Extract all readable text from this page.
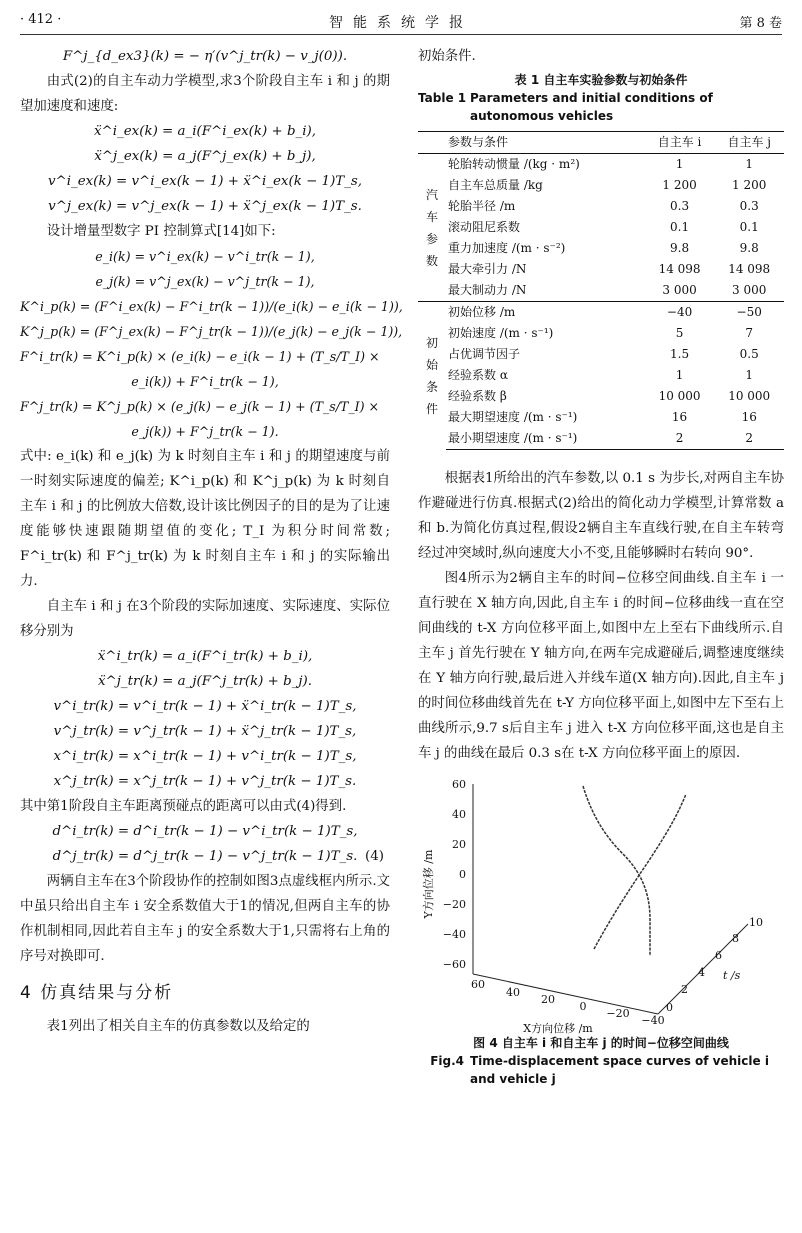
· 412 ·	智能系统学报	第 8 卷
F^j_{d_ex3}(k) = − η′(v^j_tr(k) − v_j(0)).

由式(2)的自主车动力学模型,求3个阶段自主车 i 和 j 的期望加速度和速度:

ẍ^i_ex(k) = a_i(F^i_ex(k) + b_i),
ẍ^j_ex(k) = a_j(F^j_ex(k) + b_j),
v^i_ex(k) = v^i_ex(k − 1) + ẍ^i_ex(k − 1)T_s,
v^j_ex(k) = v^j_ex(k − 1) + ẍ^j_ex(k − 1)T_s.

设计增量型数字 PI 控制算式[14]如下:

e_i(k) = v^i_ex(k) − v^i_tr(k − 1),
e_j(k) = v^j_ex(k) − v^j_tr(k − 1),
K^i_p(k) = (F^i_ex(k) − F^i_tr(k − 1))/(e_i(k) − e_i(k − 1)),
K^j_p(k) = (F^j_ex(k) − F^j_tr(k − 1))/(e_j(k) − e_j(k − 1)),
F^i_tr(k) = K^i_p(k) × (e_i(k) − e_i(k − 1) + (T_s/T_I) ×
e_i(k)) + F^i_tr(k − 1),
F^j_tr(k) = K^j_p(k) × (e_j(k) − e_j(k − 1) + (T_s/T_I) ×
e_j(k)) + F^j_tr(k − 1).

式中: e_i(k) 和 e_j(k) 为 k 时刻自主车 i 和 j 的期望速度与前一时刻实际速度的偏差; K^i_p(k) 和 K^j_p(k) 为 k 时刻自主车 i 和 j 的比例放大倍数,设计该比例因子的目的是为了让速度能够快速跟随期望值的变化; T_I 为积分时间常数; F^i_tr(k) 和 F^j_tr(k) 为 k 时刻自主车 i 和 j 的实际输出力.

自主车 i 和 j 在3个阶段的实际加速度、实际速度、实际位移分别为

ẍ^i_tr(k) = a_i(F^i_tr(k) + b_i),
ẍ^j_tr(k) = a_j(F^j_tr(k) + b_j).
v^i_tr(k) = v^i_tr(k − 1) + ẍ^i_tr(k − 1)T_s,
v^j_tr(k) = v^j_tr(k − 1) + ẍ^j_tr(k − 1)T_s,
x^i_tr(k) = x^i_tr(k − 1) + v^i_tr(k − 1)T_s,
x^j_tr(k) = x^j_tr(k − 1) + v^j_tr(k − 1)T_s.

其中第1阶段自主车距离预碰点的距离可以由式(4)得到.

d^i_tr(k) = d^i_tr(k − 1) − v^i_tr(k − 1)T_s,
d^j_tr(k) = d^j_tr(k − 1) − v^j_tr(k − 1)T_s. (4)

两辆自主车在3个阶段协作的控制如图3点虚线框内所示.文中虽只给出自主车 i 安全系数值大于1的情况,但两自主车的协作机制相同,因此若自主车 j 的安全系数大于1,只需将右上角的序号对换即可.

4 仿真结果与分析

表1列出了相关自主车的仿真参数以及给定的

初始条件.

表 1 自主车实验参数与初始条件
Table 1 Parameters and initial conditions of autonomous vehicles
	参数与条件	自主车 i	自主车 j

汽
车
参
数	轮胎转动惯量 /(kg · m²)	1	1
	自主车总质量 /kg	1 200	1 200
	轮胎半径 /m	0.3	0.3
	滚动阻尼系数	0.1	0.1
	重力加速度 /(m · s⁻²)	9.8	9.8
	最大牵引力 /N	14 098	14 098
	最大制动力 /N	3 000	3 000

初
始
条
件	初始位移 /m	−40	−50
	初始速度 /(m · s⁻¹)	5	7
	占优调节因子	1.5	0.5
	经验系数 α	1	1
	经验系数 β	10 000	10 000
	最大期望速度 /(m · s⁻¹)	16	16
	最小期望速度 /(m · s⁻¹)	2	2

根据表1所给出的汽车参数,以 0.1 s 为步长,对两自主车协作避碰进行仿真.根据式(2)给出的简化动力学模型,计算常数 a 和 b.为简化仿真过程,假设2辆自主车直线行驶,在自主车转弯经过冲突域时,纵向速度大小不变,且能够瞬时右转向 90°.

图4所示为2辆自主车的时间−位移空间曲线.自主车 i 一直行驶在 X 轴方向,因此,自主车 i 的时间−位移曲线一直在空间曲线的 t-X 方向位移平面上,如图中左上至右下曲线所示.自主车 j 首先行驶在 Y 轴方向,在两车完成避碰后,调整速度继续在 Y 轴方向行驶,最后进入并线车道(X 轴方向).因此,自主车 j 的时间位移曲线首先在 t-Y 方向位移平面上,如图中左下至右上曲线所示,9.7 s后自主车 j 进入 t-X 方向位移平面,这也是自主车 j 的曲线在最后 0.3 s在 t-X 方向位移平面上的原因.

60
40
20
0
−20
−40
−60
60
40
20
0
−20
−40
0
2
4
6
8
10
t /s
X方向位移 /m
Y方向位移 /m
图 4 自主车 i 和自主车 j 的时间−位移空间曲线
Fig.4 Time-displacement space curves of vehicle i and vehicle j
